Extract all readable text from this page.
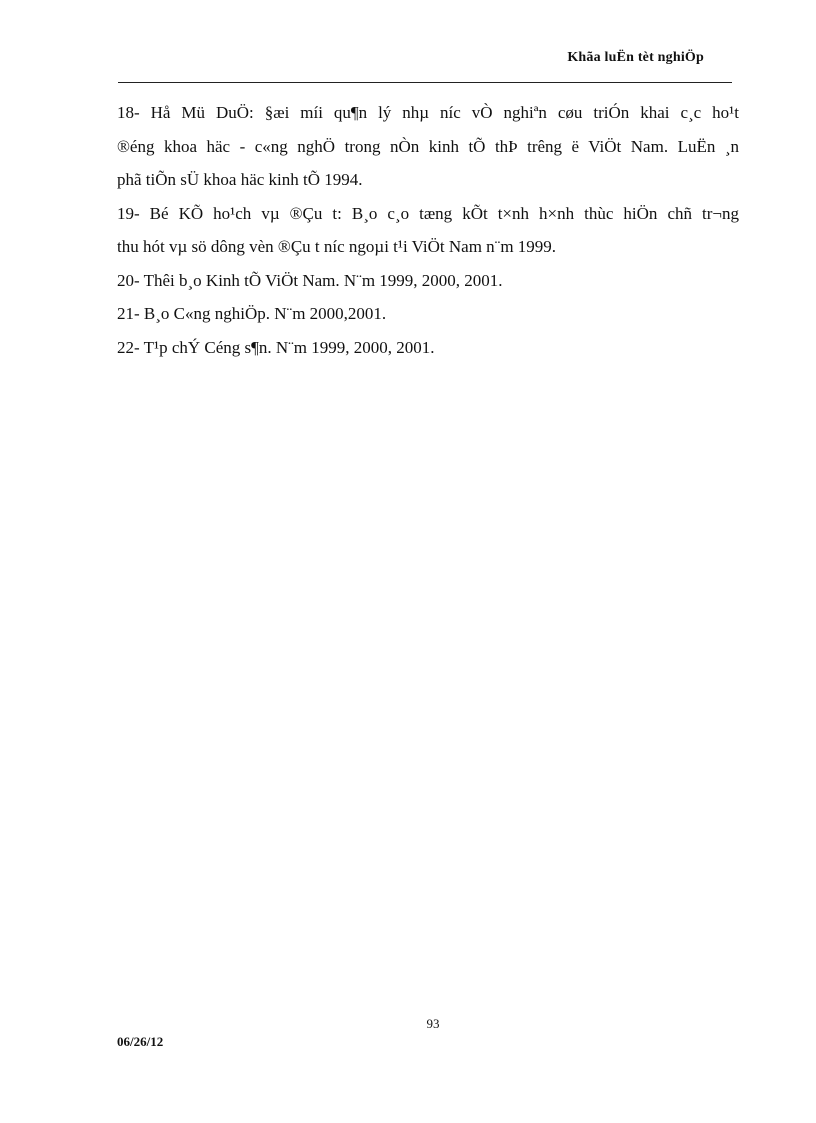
Khãa luËn tèt nghiÖp
18- Hå Mü DuÖ: §æi míi qu¶n lý nhµ níc vÒ nghiªn cøu triÓn khai c¸c ho¹t
®éng khoa häc - c«ng nghÖ trong nÒn kinh tÕ thÞ trêng ë ViÖt Nam. LuËn ¸n
phã tiÕn sÜ khoa häc kinh tÕ 1994.
19- Bé KÕ ho¹ch vµ ®Çu t: B¸o c¸o tæng kÕt t×nh h×nh thùc hiÖn chñ tr¬ng
thu hót vµ sö dông vèn ®Çu t níc ngoµi t¹i ViÖt Nam n¨m 1999.
20- Thêi b¸o Kinh tÕ ViÖt Nam. N¨m 1999, 2000, 2001.
21- B¸o C«ng nghiÖp. N¨m 2000,2001.
22- T¹p chÝ Céng s¶n. N¨m 1999, 2000, 2001.
93
06/26/12
